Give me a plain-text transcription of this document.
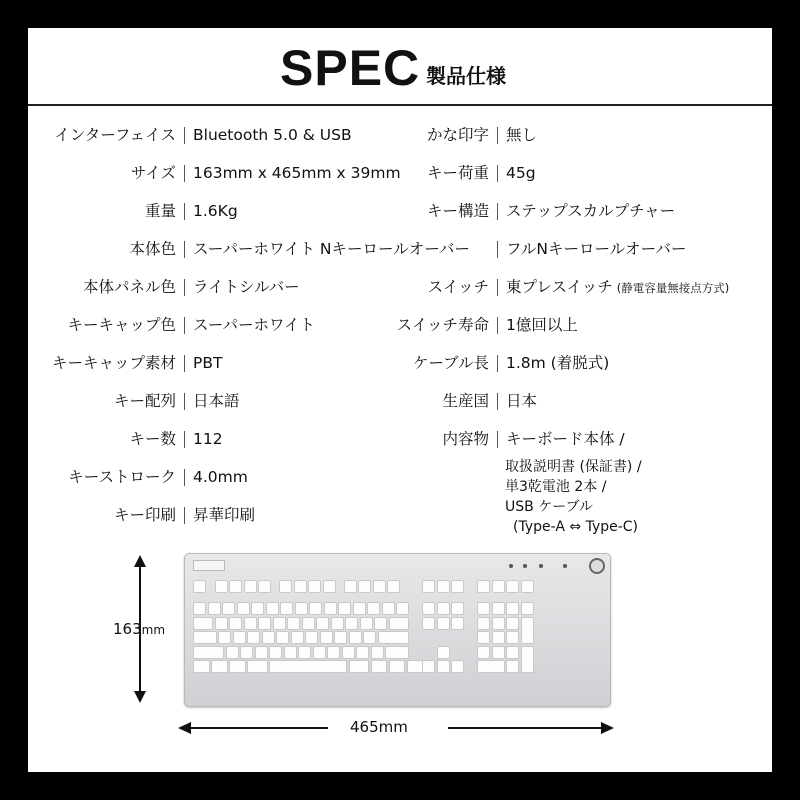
SPEC 製品仕様
インターフェイス Bluetooth 5.0 & USB
サイズ 163mm x 465mm x 39mm
重量 1.6Kg
本体色 スーパーホワイト Nキーロールオーバー
本体パネル色 ライトシルバー
キーキャップ色 スーパーホワイト
キーキャップ素材 PBT
キー配列 日本語
キー数 112
キーストローク 4.0mm
キー印刷 昇華印刷
かな印字 無し
キー荷重 45g
キー構造 ステップスカルプチャー
フルNキーロールオーバー
スイッチ 東プレスイッチ (静電容量無接点方式)
スイッチ寿命 1億回以上
ケーブル長 1.8m (着脱式)
生産国 日本
内容物 キーボード本体 /
取扱説明書 (保証書) /
単3乾電池 2本 /
USB ケーブル
(Type-A ⇔ Type-C)
163mm
465mm
